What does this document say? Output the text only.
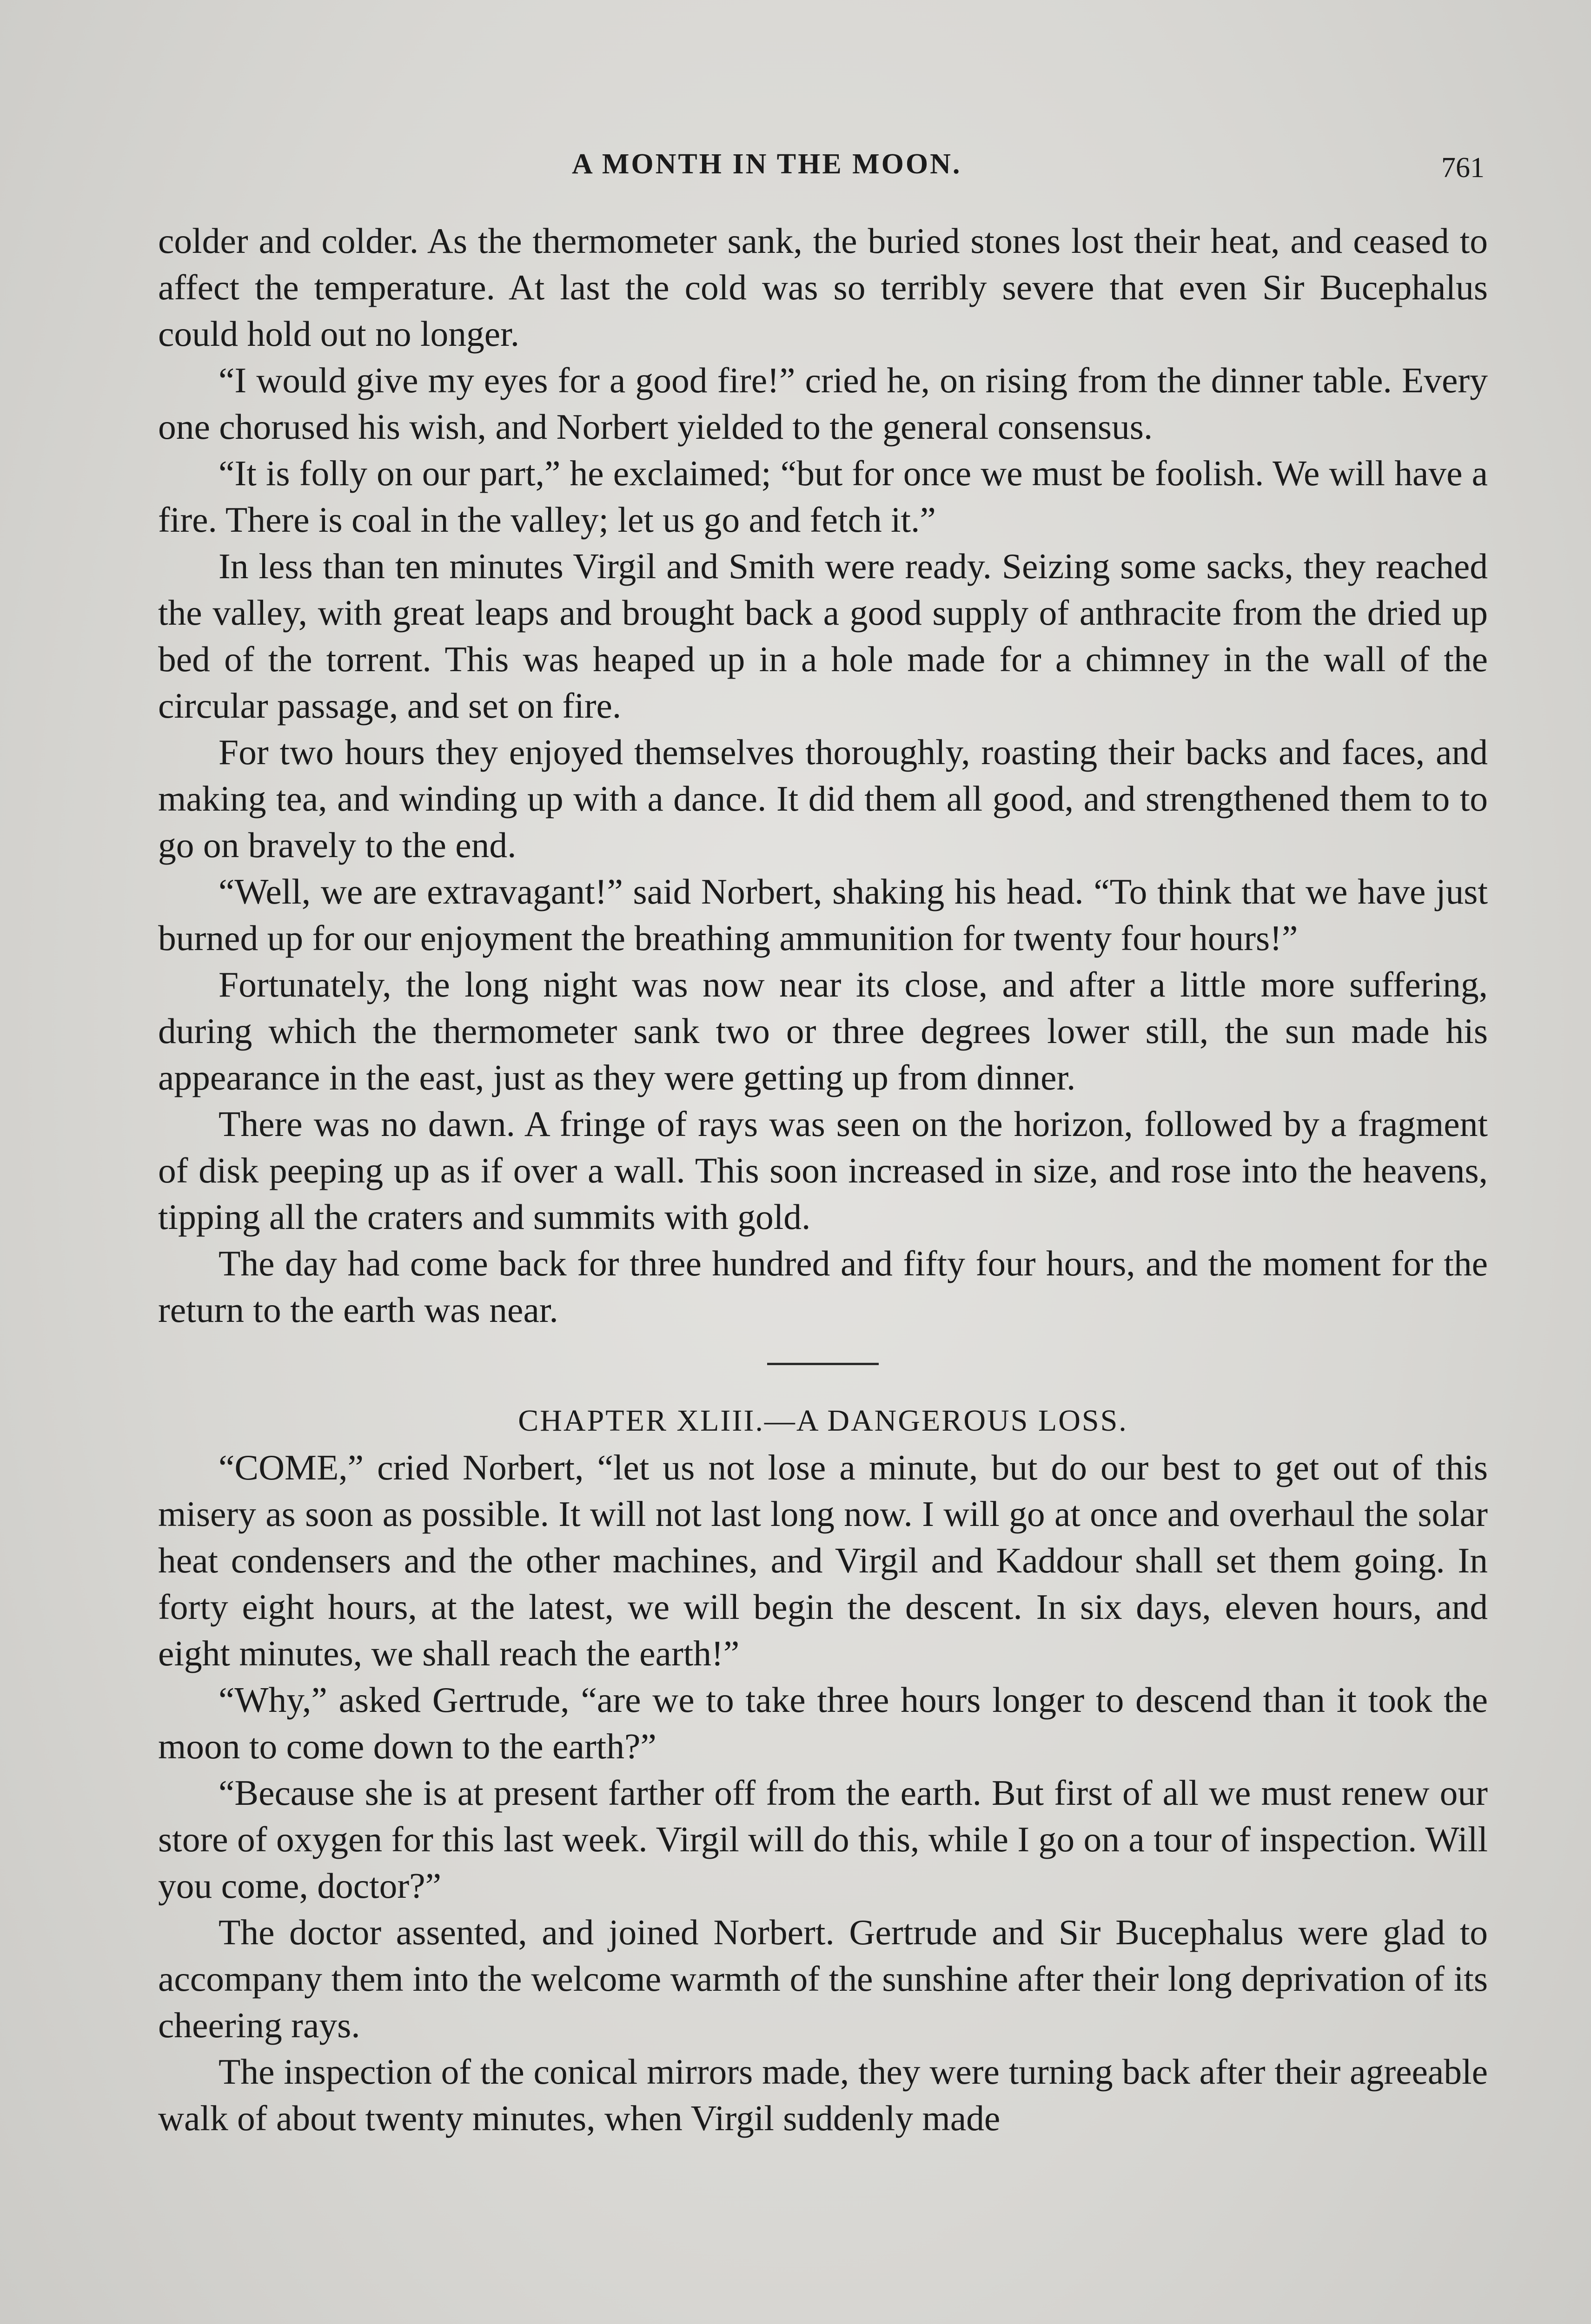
A MONTH IN THE MOON.	761

colder and colder. As the thermometer sank, the buried stones lost their heat, and ceased to affect the temperature. At last the cold was so terribly severe that even Sir Bucephalus could hold out no longer.

“I would give my eyes for a good fire!” cried he, on rising from the dinner table. Every one chorused his wish, and Norbert yielded to the general consensus.

“It is folly on our part,” he exclaimed; “but for once we must be foolish. We will have a fire. There is coal in the valley; let us go and fetch it.”

In less than ten minutes Virgil and Smith were ready. Seizing some sacks, they reached the valley, with great leaps and brought back a good supply of anthracite from the dried up bed of the torrent. This was heaped up in a hole made for a chimney in the wall of the circular passage, and set on fire.

For two hours they enjoyed themselves thoroughly, roasting their backs and faces, and making tea, and winding up with a dance. It did them all good, and strengthened them to to go on bravely to the end.

“Well, we are extravagant!” said Norbert, shaking his head. “To think that we have just burned up for our enjoyment the breathing ammunition for twenty four hours!”

Fortunately, the long night was now near its close, and after a little more suffering, during which the thermometer sank two or three degrees lower still, the sun made his appearance in the east, just as they were getting up from dinner.

There was no dawn. A fringe of rays was seen on the horizon, followed by a fragment of disk peeping up as if over a wall. This soon increased in size, and rose into the heavens, tipping all the craters and summits with gold.

The day had come back for three hundred and fifty four hours, and the moment for the return to the earth was near.

CHAPTER XLIII.—A DANGEROUS LOSS.

“COME,” cried Norbert, “let us not lose a minute, but do our best to get out of this misery as soon as possible. It will not last long now. I will go at once and overhaul the solar heat condensers and the other machines, and Virgil and Kaddour shall set them going. In forty eight hours, at the latest, we will begin the descent. In six days, eleven hours, and eight minutes, we shall reach the earth!”

“Why,” asked Gertrude, “are we to take three hours longer to descend than it took the moon to come down to the earth?”

“Because she is at present farther off from the earth. But first of all we must renew our store of oxygen for this last week. Virgil will do this, while I go on a tour of inspection. Will you come, doctor?”

The doctor assented, and joined Norbert. Gertrude and Sir Bucephalus were glad to accompany them into the welcome warmth of the sunshine after their long deprivation of its cheering rays.

The inspection of the conical mirrors made, they were turning back after their agreeable walk of about twenty minutes, when Virgil suddenly made
